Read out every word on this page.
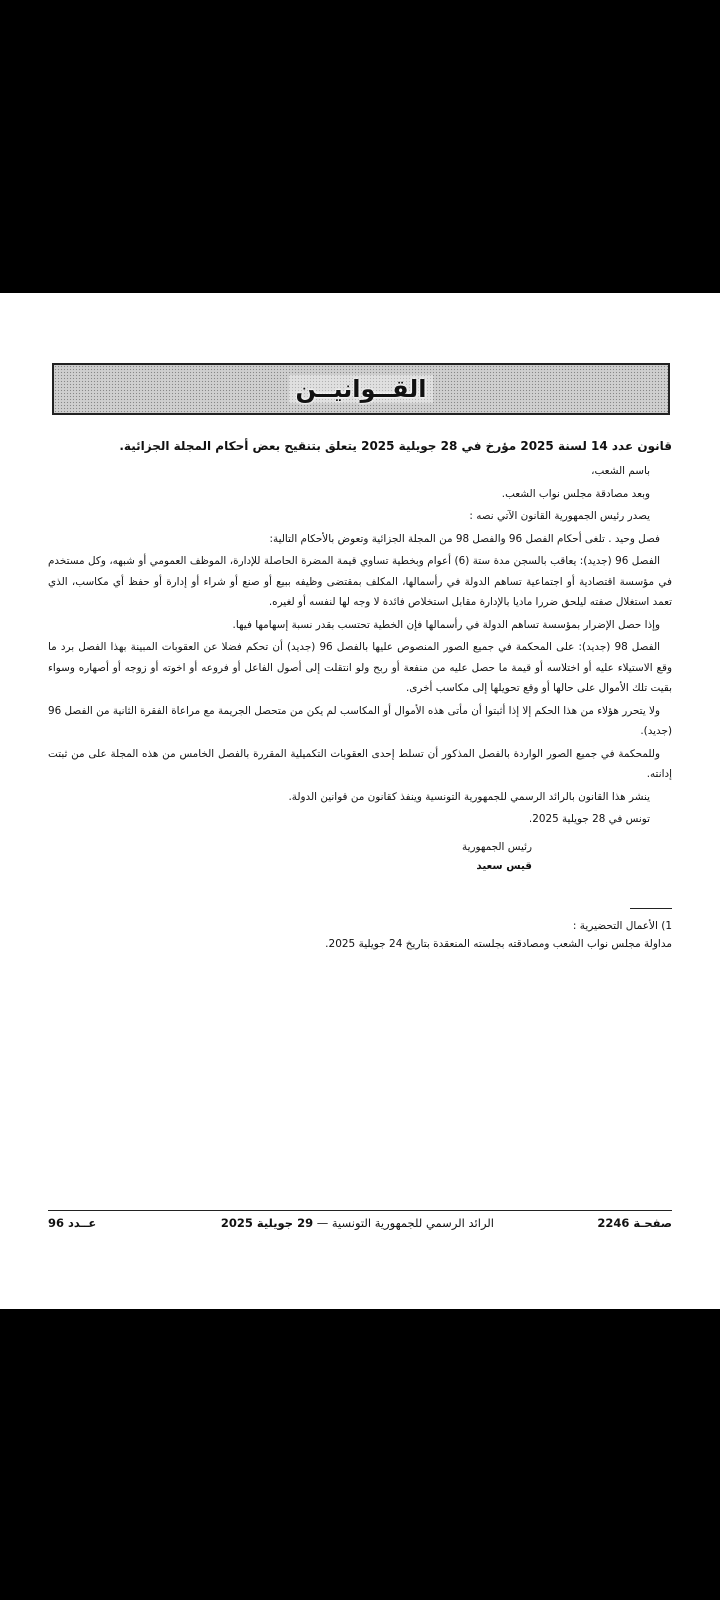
القــوانيــن
قانون عدد 14 لسنة 2025 مؤرخ في 28 جويلية 2025 يتعلق بتنقيح بعض أحكام المجلة الجزائية.
باسم الشعب،
وبعد مصادقة مجلس نواب الشعب.
يصدر رئيس الجمهورية القانون الآتي نصه :
فصل وحيد . تلغى أحكام الفصل 96 والفصل 98 من المجلة الجزائية وتعوض بالأحكام التالية:
الفصل 96 (جديد): يعاقب بالسجن مدة ستة (6) أعوام وبخطية تساوي قيمة المضرة الحاصلة للإدارة، الموظف العمومي أو شبهه، وكل مستخدم في مؤسسة اقتصادية أو اجتماعية تساهم الدولة في رأسمالها، المكلف بمقتضى وظيفه ببيع أو صنع أو شراء أو إدارة أو حفظ أي مكاسب، الذي تعمد استغلال صفته ليلحق ضررا ماديا بالإدارة مقابل استخلاص فائدة لا وجه لها لنفسه أو لغيره.
وإذا حصل الإضرار بمؤسسة تساهم الدولة في رأسمالها فإن الخطية تحتسب بقدر نسبة إسهامها فيها.
الفصل 98 (جديد): على المحكمة في جميع الصور المنصوص عليها بالفصل 96 (جديد) أن تحكم فضلا عن العقوبات المبينة بهذا الفصل برد ما وقع الاستيلاء عليه أو اختلاسه أو قيمة ما حصل عليه من منفعة أو ربح ولو انتقلت إلى أصول الفاعل أو فروعه أو اخوته أو زوجه أو أصهاره وسواء بقيت تلك الأموال على حالها أو وقع تحويلها إلى مكاسب أخرى.
ولا يتحرر هؤلاء من هذا الحكم إلا إذا أثبتوا أن مأتى هذه الأموال أو المكاسب لم يكن من متحصل الجريمة مع مراعاة الفقرة الثانية من الفصل 96 (جديد).
وللمحكمة في جميع الصور الواردة بالفصل المذكور أن تسلط إحدى العقوبات التكميلية المقررة بالفصل الخامس من هذه المجلة على من ثبتت إدانته.
ينشر هذا القانون بالرائد الرسمي للجمهورية التونسية وينفذ كقانون من قوانين الدولة.
تونس في 28 جويلية 2025.
رئيس الجمهورية
قيس سعيد
1) الأعمال التحضيرية :
مداولة مجلس نواب الشعب ومصادقته بجلسته المنعقدة بتاريخ 24 جويلية 2025.
صفحـة 2246
الرائد الرسمي للجمهورية التونسية — 29 جويلية 2025
عــدد 96
